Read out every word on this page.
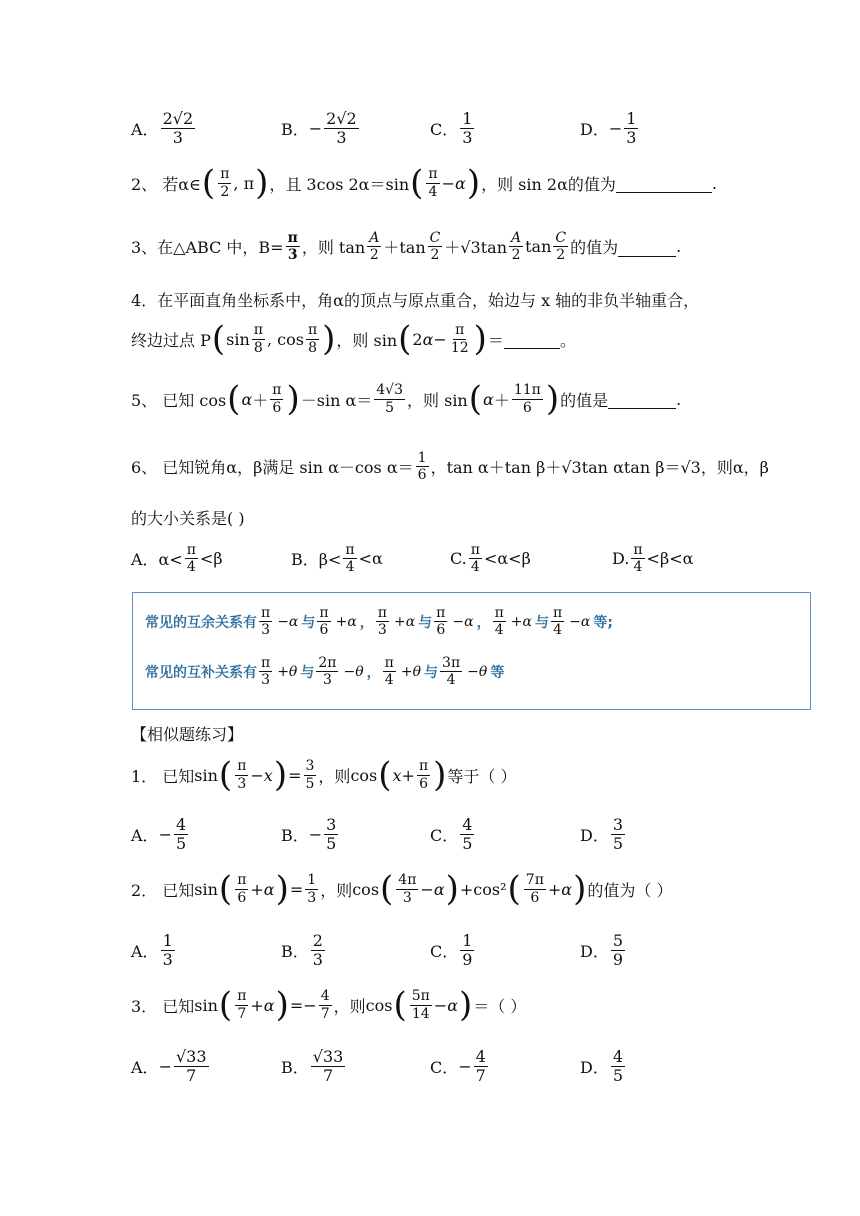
A． $\frac{2√2}{3}$	B． − $\frac{2√2}{3}$	C． $\frac{1}{3}$	D． − $\frac{1}{3}$
2、 若α∈ ( $\frac{\pi}{2}$ , π ) ，且 3cos 2α＝sin ( $\frac{\pi}{4} - \alpha$ ) ，则 sin 2α的值为
	.
3、在△ABC 中，$B= \frac{\pi}{3}$ ，则 $\tan \frac{A}{2} +\tan \frac{C}{2} +√3\tan \frac{A}{2}$ $\tan \frac{C}{2}$ 的值为
	.
4．在平面直角坐标系中，角α的顶点与原点重合，始边与 x 轴的非负半轴重合，
终边过点 P ( $\sin \frac{\pi}{8}$ , $\cos \frac{\pi}{8}$ ) ，则 sin ( 2 $\alpha - \frac{\pi}{12}$ ) ＝
	。
5、 已知 cos ( $\alpha + \frac{\pi}{6}$ ) －sin $\alpha= \frac{4√3}{5}$ ，则 sin ( $\alpha + \frac{11\pi}{6}$ ) 的值是
	.
6、 已知锐角α，β满足 sin α－cos $\alpha= \frac{1}{6}$ ，tan α＋tan β＋√3tan αtan β＝√3，则α，β
的大小关系是( )
A．$\alpha< \frac{\pi}{4} <\beta$	B．$\beta< \frac{\pi}{4} <\alpha$	C. $\frac{\pi}{4} <\alpha<\beta$	D. $\frac{\pi}{4} <\beta<\alpha$
常见的互余关系有 $\frac{\pi}{3} -\alpha$ 与 $\frac{\pi}{6} +\alpha$ ， $\frac{\pi}{3} +\alpha$ 与 $\frac{\pi}{6} -\alpha$ ， $\frac{\pi}{4} +\alpha$ 与 $\frac{\pi}{4} -\alpha$ 等;
常见的互补关系有 $\frac{\pi}{3} +\theta$ 与 $\frac{2\pi}{3} -\theta$ ， $\frac{\pi}{4} +\theta$ 与 $\frac{3\pi}{4} -\theta$ 等
【相似题练习】
1． 已知 sin ( $\frac{\pi}{3} - x$ ) = $\frac{3}{5}$ ，则 cos ( $x + \frac{\pi}{6}$ ) 等于（ ）
A． − $\frac{4}{5}$	B． − $\frac{3}{5}$	C． $\frac{4}{5}$	D． $\frac{3}{5}$
2． 已知 sin ( $\frac{\pi}{6} + \alpha$ ) = $\frac{1}{3}$ ，则 cos ( $\frac{4\pi}{3} - \alpha$ ) +cos² ( $\frac{7\pi}{6} + \alpha$ ) 的值为（ ）
A． $\frac{1}{3}$	B． $\frac{2}{3}$	C． $\frac{1}{9}$	D． $\frac{5}{9}$
3． 已知 sin ( $\frac{\pi}{7} + \alpha$ ) =− $\frac{4}{7}$ ，则 cos ( $\frac{5\pi}{14} - \alpha$ ) ＝（ ）
A． − $\frac{√33}{7}$	B． $\frac{√33}{7}$	C． − $\frac{4}{7}$	D． $\frac{4}{5}$
